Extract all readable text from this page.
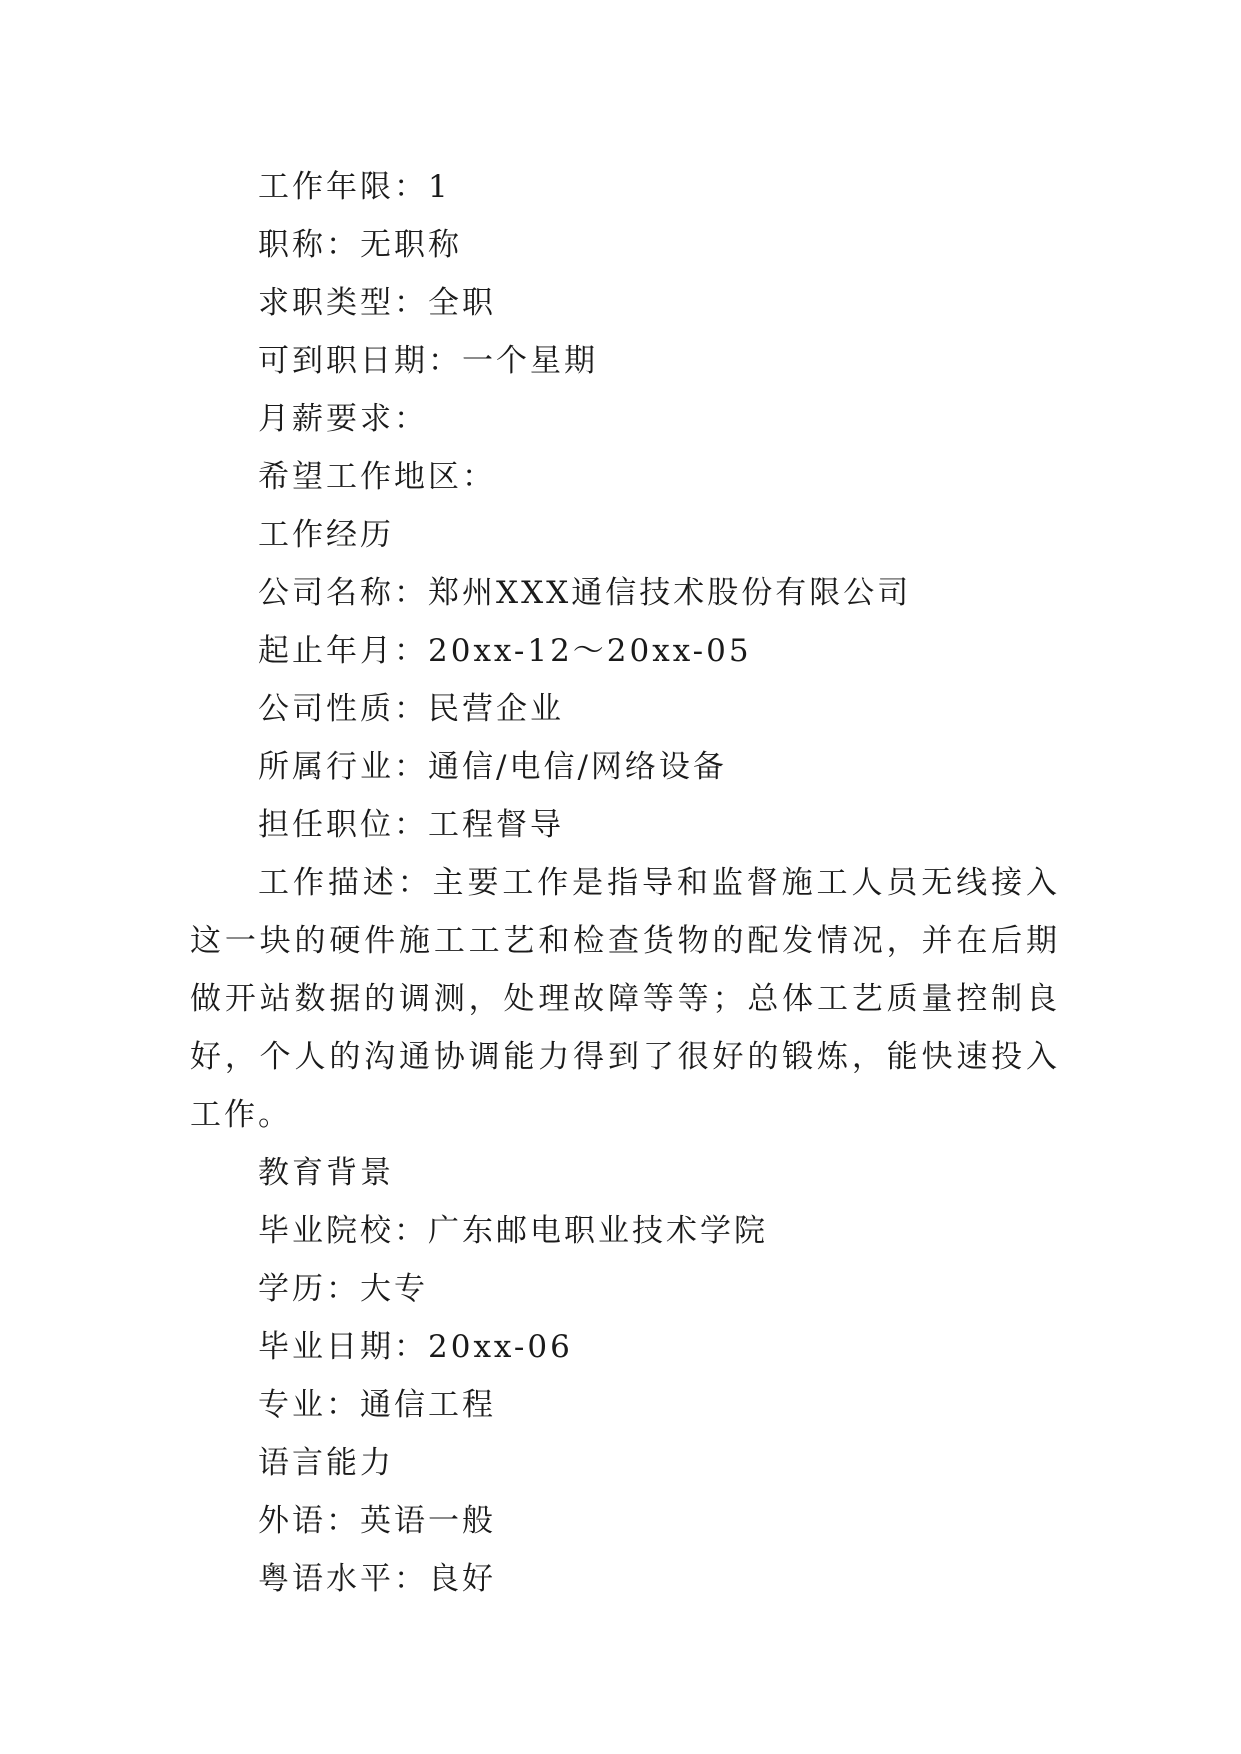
工作年限：1
职称：无职称
求职类型：全职
可到职日期：一个星期
月薪要求：
希望工作地区：
工作经历
公司名称：郑州XXX通信技术股份有限公司
起止年月：20xx-12～20xx-05
公司性质：民营企业
所属行业：通信/电信/网络设备
担任职位：工程督导
工作描述：主要工作是指导和监督施工人员无线接入这一块的硬件施工工艺和检查货物的配发情况，并在后期做开站数据的调测，处理故障等等；总体工艺质量控制良好，个人的沟通协调能力得到了很好的锻炼，能快速投入工作。
教育背景
毕业院校：广东邮电职业技术学院
学历：大专
毕业日期：20xx-06
专业：通信工程
语言能力
外语：英语一般
粤语水平：良好
